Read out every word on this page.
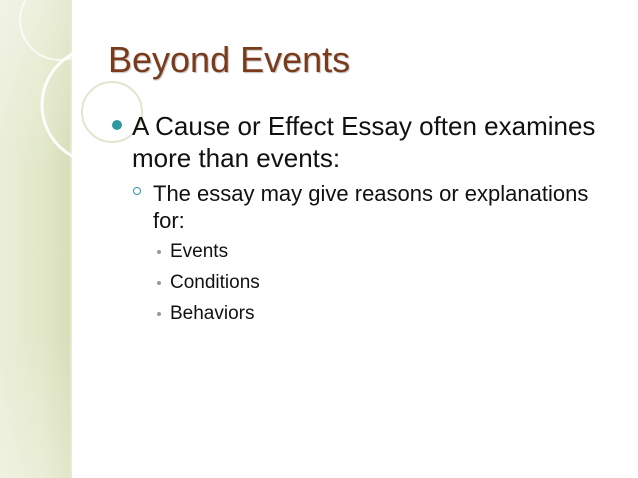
Beyond Events
A Cause or Effect Essay often examines more than events:
The essay may give reasons or explanations for:
Events
Conditions
Behaviors
